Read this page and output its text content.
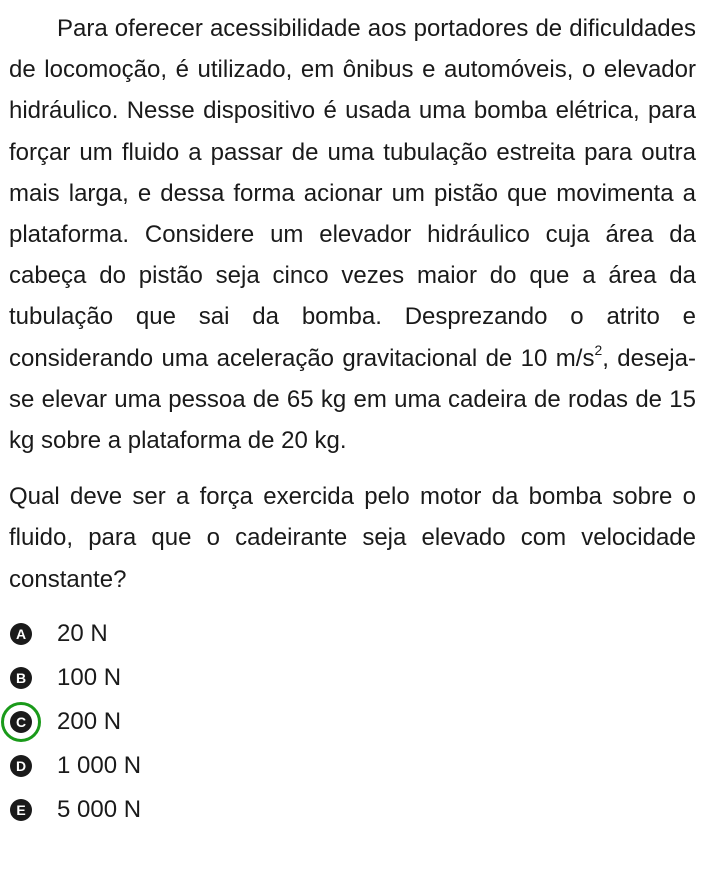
Para oferecer acessibilidade aos portadores de dificuldades de locomoção, é utilizado, em ônibus e automóveis, o elevador hidráulico. Nesse dispositivo é usada uma bomba elétrica, para forçar um fluido a passar de uma tubulação estreita para outra mais larga, e dessa forma acionar um pistão que movimenta a plataforma. Considere um elevador hidráulico cuja área da cabeça do pistão seja cinco vezes maior do que a área da tubulação que sai da bomba. Desprezando o atrito e considerando uma aceleração gravitacional de 10 $m/s^2$, deseja-se elevar uma pessoa de 65 kg em uma cadeira de rodas de 15 kg sobre a plataforma de 20 kg.

Qual deve ser a força exercida pelo motor da bomba sobre o fluido, para que o cadeirante seja elevado com velocidade constante?

A 20 N
B 100 N
C 200 N
D 1 000 N
E 5 000 N
